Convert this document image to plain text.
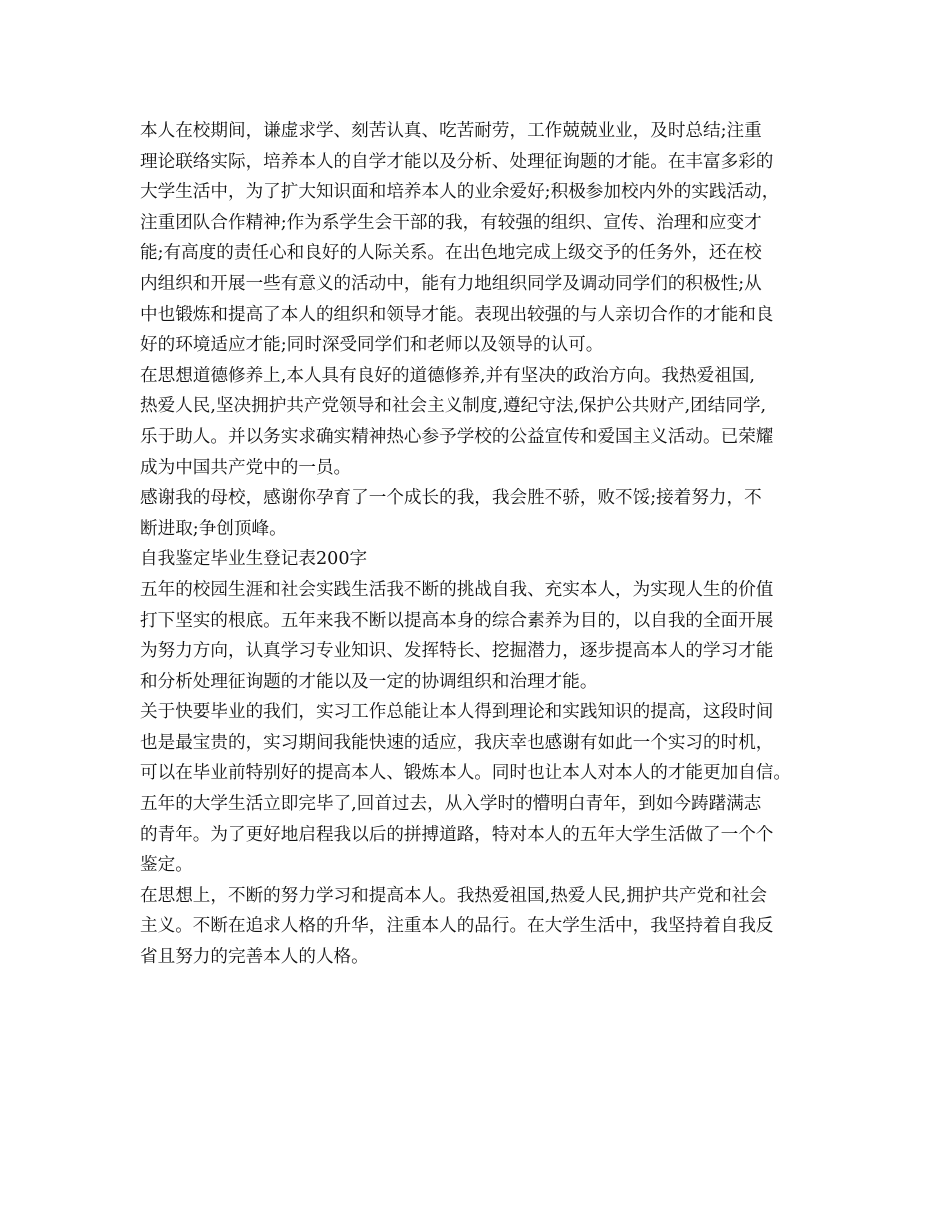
本人在校期间，谦虚求学、刻苦认真、吃苦耐劳，工作兢兢业业，及时总结;注重
理论联络实际，培养本人的自学才能以及分析、处理征询题的才能。在丰富多彩的
大学生活中，为了扩大知识面和培养本人的业余爱好;积极参加校内外的实践活动，
注重团队合作精神;作为系学生会干部的我，有较强的组织、宣传、治理和应变才
能;有高度的责任心和良好的人际关系。在出色地完成上级交予的任务外，还在校
内组织和开展一些有意义的活动中，能有力地组织同学及调动同学们的积极性;从
中也锻炼和提高了本人的组织和领导才能。表现出较强的与人亲切合作的才能和良
好的环境适应才能;同时深受同学们和老师以及领导的认可。
在思想道德修养上,本人具有良好的道德修养,并有坚决的政治方向。我热爱祖国,
热爱人民,坚决拥护共产党领导和社会主义制度,遵纪守法,保护公共财产,团结同学,
乐于助人。并以务实求确实精神热心参予学校的公益宣传和爱国主义活动。已荣耀
成为中国共产党中的一员。
感谢我的母校，感谢你孕育了一个成长的我，我会胜不骄，败不馁;接着努力，不
断进取;争创顶峰。
自我鉴定毕业生登记表200字
五年的校园生涯和社会实践生活我不断的挑战自我、充实本人，为实现人生的价值
打下坚实的根底。五年来我不断以提高本身的综合素养为目的，以自我的全面开展
为努力方向，认真学习专业知识、发挥特长、挖掘潜力，逐步提高本人的学习才能
和分析处理征询题的才能以及一定的协调组织和治理才能。
关于快要毕业的我们，实习工作总能让本人得到理论和实践知识的提高，这段时间
也是最宝贵的，实习期间我能快速的适应，我庆幸也感谢有如此一个实习的时机，
可以在毕业前特别好的提高本人、锻炼本人。同时也让本人对本人的才能更加自信。
五年的大学生活立即完毕了,回首过去，从入学时的懵明白青年，到如今踌躇满志
的青年。为了更好地启程我以后的拼搏道路，特对本人的五年大学生活做了一个个
鉴定。
在思想上，不断的努力学习和提高本人。我热爱祖国,热爱人民,拥护共产党和社会
主义。不断在追求人格的升华，注重本人的品行。在大学生活中，我坚持着自我反
省且努力的完善本人的人格。
